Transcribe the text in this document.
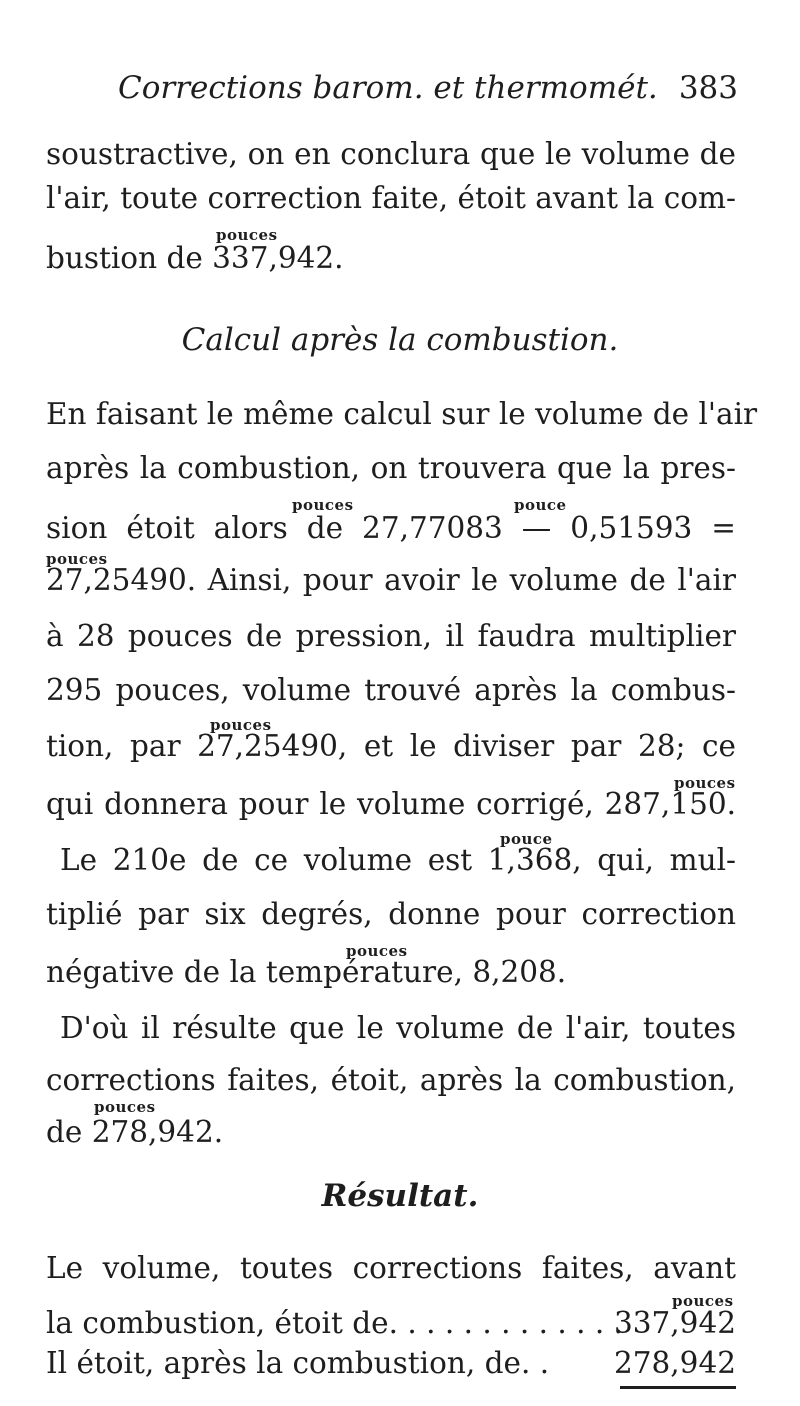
Corrections barom. et thermomét. 383
soustractive, on en conclura que le volume de
l'air, toute correction faite, étoit avant la com-
pouces
bustion de 337,942.
Calcul après la combustion.
En faisant le même calcul sur le volume de l'air
après la combustion, on trouvera que la pres-
pouces	pouce
sion étoit alors de 27,77083 — 0,51593 =
pouces
27,25490. Ainsi, pour avoir le volume de l'air
à 28 pouces de pression, il faudra multiplier
295 pouces, volume trouvé après la combus-
pouces
tion, par 27,25490, et le diviser par 28; ce
pouces
qui donnera pour le volume corrigé, 287,150.
pouce
Le 210e de ce volume est 1,368, qui, mul-
tiplié par six degrés, donne pour correction
pouces
négative de la température, 8,208.
D'où il résulte que le volume de l'air, toutes
corrections faites, étoit, après la combustion,
pouces
de 278,942.
Résultat.
Le volume, toutes corrections faites, avant
pouces
la combustion, étoit de. . . . . . . . . . . . .
337,942
Il étoit, après la combustion, de. . 278,942
